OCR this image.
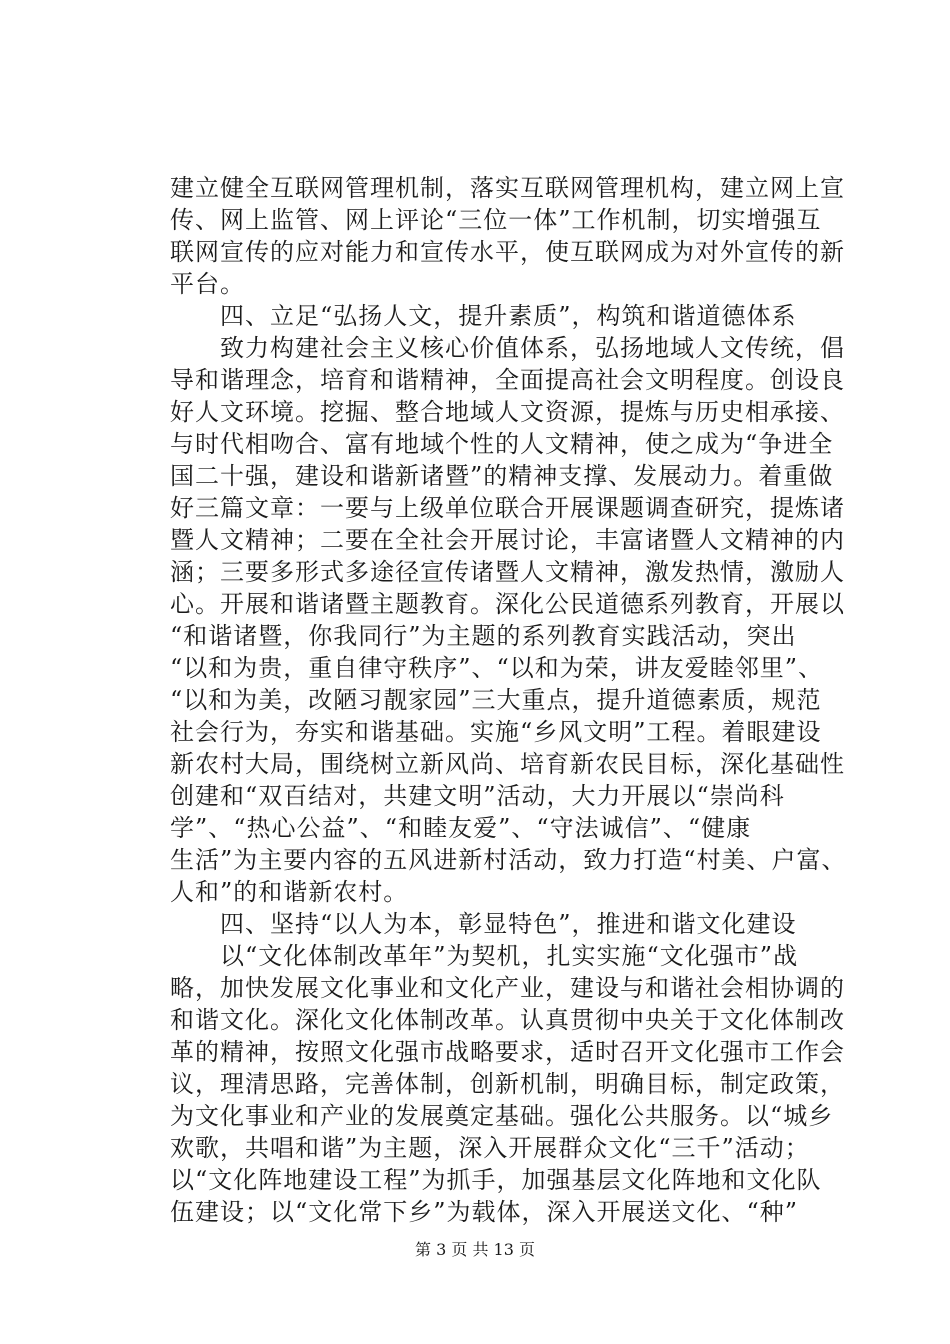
建立健全互联网管理机制，落实互联网管理机构，建立网上宣
传、网上监管、网上评论“三位一体”工作机制，切实增强互
联网宣传的应对能力和宣传水平，使互联网成为对外宣传的新
平台。
　　四、立足“弘扬人文，提升素质”，构筑和谐道德体系
　　致力构建社会主义核心价值体系，弘扬地域人文传统，倡
导和谐理念，培育和谐精神，全面提高社会文明程度。创设良
好人文环境。挖掘、整合地域人文资源，提炼与历史相承接、
与时代相吻合、富有地域个性的人文精神，使之成为“争进全
国二十强，建设和谐新诸暨”的精神支撑、发展动力。着重做
好三篇文章：一要与上级单位联合开展课题调查研究，提炼诸
暨人文精神；二要在全社会开展讨论，丰富诸暨人文精神的内
涵；三要多形式多途径宣传诸暨人文精神，激发热情，激励人
心。开展和谐诸暨主题教育。深化公民道德系列教育，开展以
“和谐诸暨，你我同行”为主题的系列教育实践活动，突出
“以和为贵，重自律守秩序”、“以和为荣，讲友爱睦邻里”、
“以和为美，改陋习靓家园”三大重点，提升道德素质，规范
社会行为，夯实和谐基础。实施“乡风文明”工程。着眼建设
新农村大局，围绕树立新风尚、培育新农民目标，深化基础性
创建和“双百结对，共建文明”活动，大力开展以“崇尚科
学”、“热心公益”、“和睦友爱”、“守法诚信”、“健康
生活”为主要内容的五风进新村活动，致力打造“村美、户富、
人和”的和谐新农村。
　　四、坚持“以人为本，彰显特色”，推进和谐文化建设
　　以“文化体制改革年”为契机，扎实实施“文化强市”战
略，加快发展文化事业和文化产业，建设与和谐社会相协调的
和谐文化。深化文化体制改革。认真贯彻中央关于文化体制改
革的精神，按照文化强市战略要求，适时召开文化强市工作会
议，理清思路，完善体制，创新机制，明确目标，制定政策，
为文化事业和产业的发展奠定基础。强化公共服务。以“城乡
欢歌，共唱和谐”为主题，深入开展群众文化“三千”活动；
以“文化阵地建设工程”为抓手，加强基层文化阵地和文化队
伍建设；以“文化常下乡”为载体，深入开展送文化、“种”
第 3 页 共 13 页
